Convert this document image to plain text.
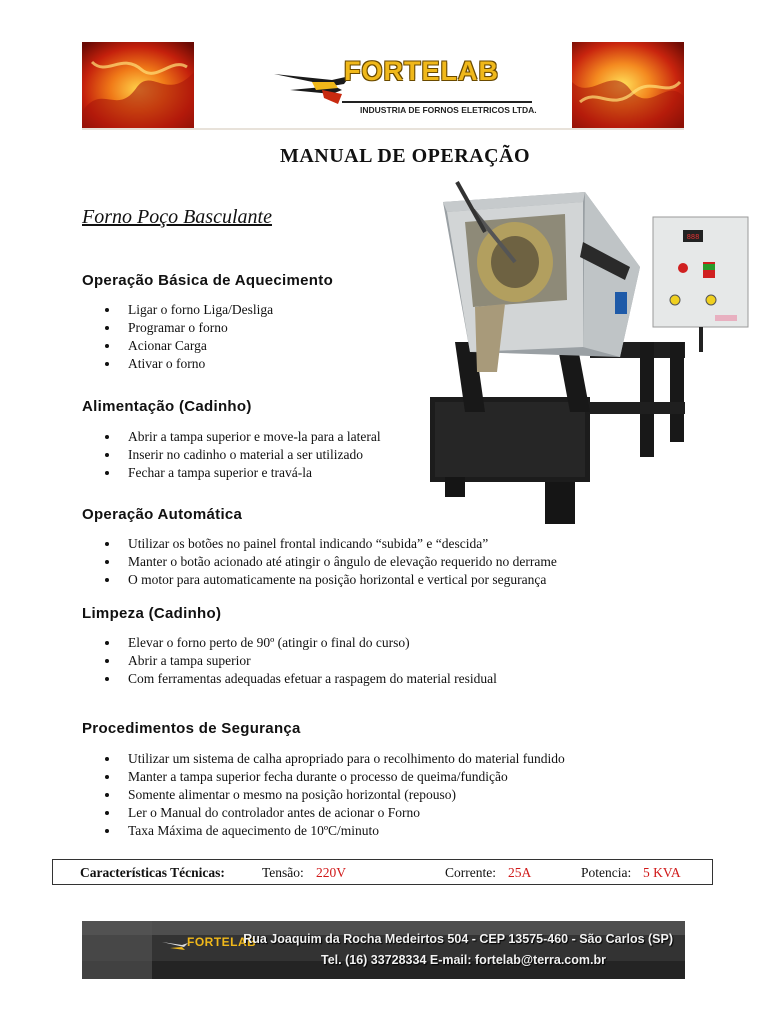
FORTELAB
INDUSTRIA DE FORNOS ELETRICOS LTDA.
MANUAL DE OPERAÇÃO
Forno Poço Basculante
Operação Básica de Aquecimento
Ligar o forno Liga/Desliga
Programar o forno
Acionar Carga
Ativar o forno
Alimentação (Cadinho)
Abrir a tampa superior e move-la para a lateral
Inserir no cadinho o material a ser utilizado
Fechar a tampa superior e travá-la
Operação Automática
Utilizar os botões no painel frontal indicando “subida” e “descida”
Manter o botão acionado até atingir o ângulo de elevação requerido no derrame
O motor para automaticamente na posição horizontal e vertical por segurança
Limpeza (Cadinho)
Elevar o forno perto de 90º (atingir o final do curso)
Abrir a tampa superior
Com ferramentas adequadas efetuar a raspagem do material residual
Procedimentos de Segurança
Utilizar um sistema de calha apropriado para o recolhimento do material fundido
Manter a tampa superior fecha durante o processo de queima/fundição
Somente alimentar o mesmo na posição horizontal (repouso)
Ler o Manual do controlador antes de acionar o Forno
Taxa Máxima de aquecimento de 10ºC/minuto
888
Características Técnicas:	Tensão: 220V	Corrente: 25A	Potencia: 5 KVA
FORTELAB
Rua Joaquim da Rocha Medeirtos 504 - CEP 13575-460 - São Carlos (SP)
Tel. (16) 33728334 E-mail: fortelab@terra.com.br
